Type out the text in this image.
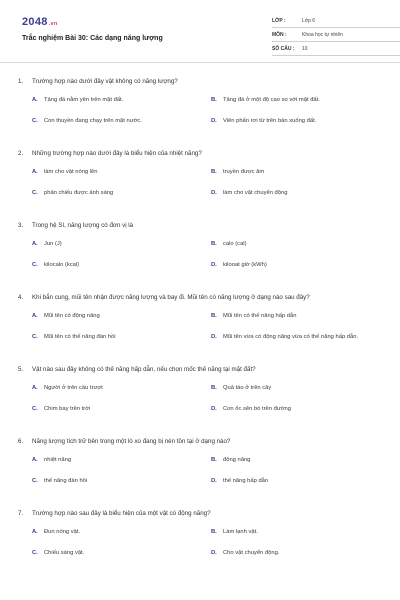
2048.vn
Trắc nghiệm Bài 30: Các dạng năng lượng
LỚP :	Lớp 6
MÔN :	Khoa học tự nhiên
SỐ CÂU :	10
1.	Trường hợp nào dưới đây vật không có năng lượng?
A.	Tảng đá nằm yên trên mặt đất.	B.	Tảng đá ở một độ cao so với mặt đất.
C.	Con thuyền đang chạy trên mặt nước.	D.	Viên phấn rơi từ trên bàn xuống đất.
2.	Những trường hợp nào dưới đây là biểu hiện của nhiệt năng?
A.	làm cho vật nóng lên	B.	truyền được âm
C.	phản chiếu được ánh sáng	D.	làm cho vật chuyển động
3.	Trong hệ SI, năng lượng có đơn vị là
A.	Jun (J)	B.	calo (cal)
C.	kilocalo (kcal)	D.	kilooat giờ (kWh)
4.	Khi bắn cung, mũi tên nhận được năng lượng và bay đi. Mũi tên có năng lượng ở dạng nào sau đây?
A.	Mũi tên có động năng	B.	Mũi tên có thế năng hấp dẫn
C.	Mũi tên có thế năng đàn hồi	D.	Mũi tên vừa có động năng vừa có thế năng hấp dẫn.
5.	Vật nào sau đây không có thế năng hấp dẫn, nếu chọn mốc thế năng tại mặt đất?
A.	Người ở trên cầu trượt	B.	Quả táo ở trên cây
C.	Chim bay trên trời	D.	Con ốc sên bò trên đường
6.	Năng lượng tích trữ bên trong một lò xo đang bị nén tồn tại ở dạng nào?
A.	nhiệt năng	B.	động năng
C.	thế năng đàn hồi	D.	thế năng hấp dẫn
7.	Trường hợp nào sau đây là biểu hiện của một vật có động năng?
A.	Đun nóng vật.	B.	Làm lạnh vật.
C.	Chiếu sáng vật.	D.	Cho vật chuyển động.
